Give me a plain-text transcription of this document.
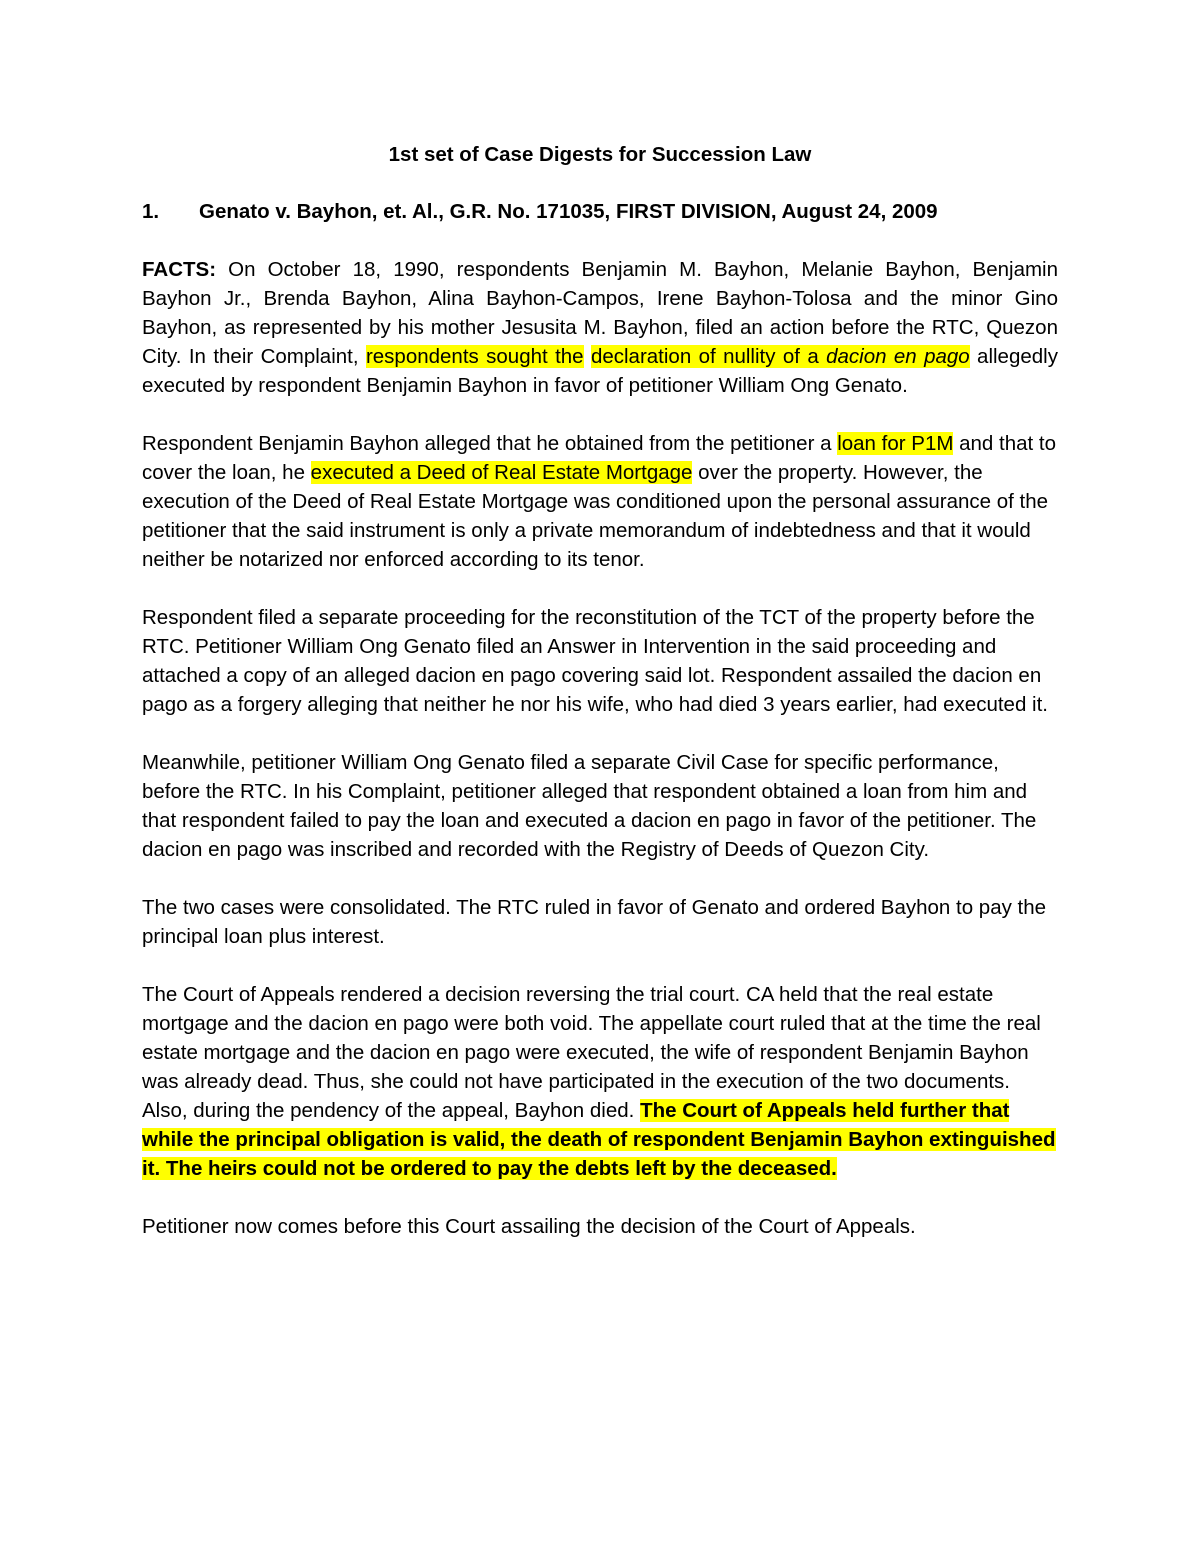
1st set of Case Digests for Succession Law
1. Genato v. Bayhon, et. Al., G.R. No. 171035, FIRST DIVISION, August 24, 2009

FACTS: On October 18, 1990, respondents Benjamin M. Bayhon, Melanie Bayhon, Benjamin Bayhon Jr., Brenda Bayhon, Alina Bayhon-Campos, Irene Bayhon-Tolosa and the minor Gino Bayhon, as represented by his mother Jesusita M. Bayhon, filed an action before the RTC, Quezon City. In their Complaint, respondents sought the declaration of nullity of a dacion en pago allegedly executed by respondent Benjamin Bayhon in favor of petitioner William Ong Genato.

Respondent Benjamin Bayhon alleged that he obtained from the petitioner a loan for P1M and that to cover the loan, he executed a Deed of Real Estate Mortgage over the property. However, the execution of the Deed of Real Estate Mortgage was conditioned upon the personal assurance of the petitioner that the said instrument is only a private memorandum of indebtedness and that it would neither be notarized nor enforced according to its tenor.

Respondent filed a separate proceeding for the reconstitution of the TCT of the property before the RTC. Petitioner William Ong Genato filed an Answer in Intervention in the said proceeding and attached a copy of an alleged dacion en pago covering said lot. Respondent assailed the dacion en pago as a forgery alleging that neither he nor his wife, who had died 3 years earlier, had executed it.

Meanwhile, petitioner William Ong Genato filed a separate Civil Case for specific performance, before the RTC. In his Complaint, petitioner alleged that respondent obtained a loan from him and that respondent failed to pay the loan and executed a dacion en pago in favor of the petitioner. The dacion en pago was inscribed and recorded with the Registry of Deeds of Quezon City.

The two cases were consolidated. The RTC ruled in favor of Genato and ordered Bayhon to pay the principal loan plus interest.

The Court of Appeals rendered a decision reversing the trial court. CA held that the real estate mortgage and the dacion en pago were both void. The appellate court ruled that at the time the real estate mortgage and the dacion en pago were executed, the wife of respondent Benjamin Bayhon was already dead. Thus, she could not have participated in the execution of the two documents. Also, during the pendency of the appeal, Bayhon died. The Court of Appeals held further that while the principal obligation is valid, the death of respondent Benjamin Bayhon extinguished it. The heirs could not be ordered to pay the debts left by the deceased.

Petitioner now comes before this Court assailing the decision of the Court of Appeals.
